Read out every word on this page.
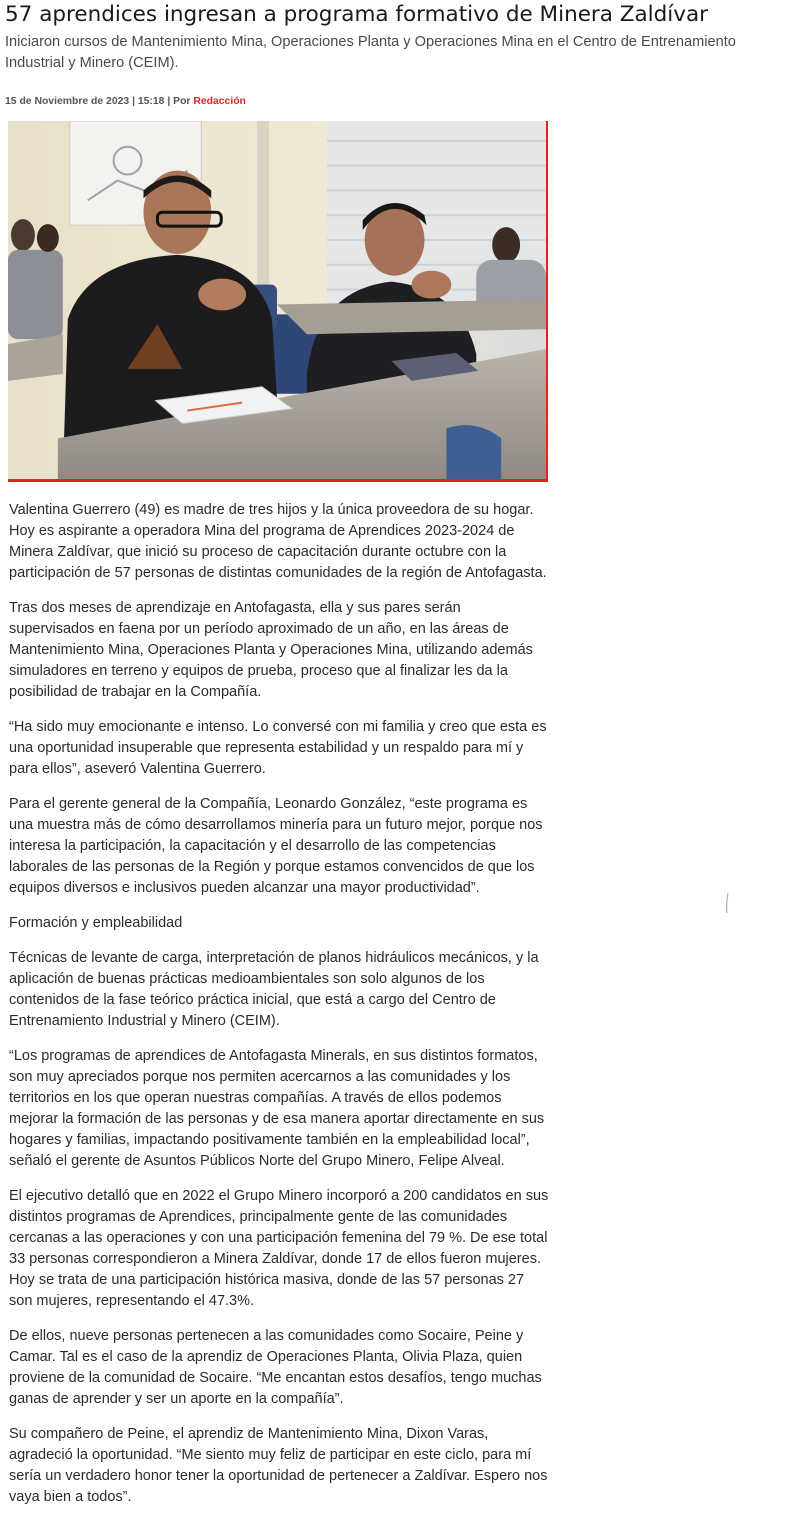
57 aprendices ingresan a programa formativo de Minera Zaldívar

Iniciaron cursos de Mantenimiento Mina, Operaciones Planta y Operaciones Mina en el Centro de Entrenamiento Industrial y Minero (CEIM).

15 de Noviembre de 2023 | 15:18 | Por Redacción

Valentina Guerrero (49) es madre de tres hijos y la única proveedora de su hogar. Hoy es aspirante a operadora Mina del programa de Aprendices 2023-2024 de Minera Zaldívar, que inició su proceso de capacitación durante octubre con la participación de 57 personas de distintas comunidades de la región de Antofagasta.

Tras dos meses de aprendizaje en Antofagasta, ella y sus pares serán supervisados en faena por un período aproximado de un año, en las áreas de Mantenimiento Mina, Operaciones Planta y Operaciones Mina, utilizando además simuladores en terreno y equipos de prueba, proceso que al finalizar les da la posibilidad de trabajar en la Compañía.

“Ha sido muy emocionante e intenso. Lo conversé con mi familia y creo que esta es una oportunidad insuperable que representa estabilidad y un respaldo para mí y para ellos”, aseveró Valentina Guerrero.

Para el gerente general de la Compañía, Leonardo González, “este programa es una muestra más de cómo desarrollamos minería para un futuro mejor, porque nos interesa la participación, la capacitación y el desarrollo de las competencias laborales de las personas de la Región y porque estamos convencidos de que los equipos diversos e inclusivos pueden alcanzar una mayor productividad”.

Formación y empleabilidad

Técnicas de levante de carga, interpretación de planos hidráulicos mecánicos, y la aplicación de buenas prácticas medioambientales son solo algunos de los contenidos de la fase teórico práctica inicial, que está a cargo del Centro de Entrenamiento Industrial y Minero (CEIM).

“Los programas de aprendices de Antofagasta Minerals, en sus distintos formatos, son muy apreciados porque nos permiten acercarnos a las comunidades y los territorios en los que operan nuestras compañías. A través de ellos podemos mejorar la formación de las personas y de esa manera aportar directamente en sus hogares y familias, impactando positivamente también en la empleabilidad local”, señaló el gerente de Asuntos Públicos Norte del Grupo Minero, Felipe Alveal.

El ejecutivo detalló que en 2022 el Grupo Minero incorporó a 200 candidatos en sus distintos programas de Aprendices, principalmente gente de las comunidades cercanas a las operaciones y con una participación femenina del 79 %. De ese total 33 personas correspondieron a Minera Zaldívar, donde 17 de ellos fueron mujeres. Hoy se trata de una participación histórica masiva, donde de las 57 personas 27 son mujeres, representando el 47.3%.

De ellos, nueve personas pertenecen a las comunidades como Socaire, Peine y Camar. Tal es el caso de la aprendiz de Operaciones Planta, Olivia Plaza, quien proviene de la comunidad de Socaire. “Me encantan estos desafíos, tengo muchas ganas de aprender y ser un aporte en la compañía”.

Su compañero de Peine, el aprendiz de Mantenimiento Mina, Dixon Varas, agradeció la oportunidad. “Me siento muy feliz de participar en este ciclo, para mí sería un verdadero honor tener la oportunidad de pertenecer a Zaldívar. Espero nos vaya bien a todos”.
